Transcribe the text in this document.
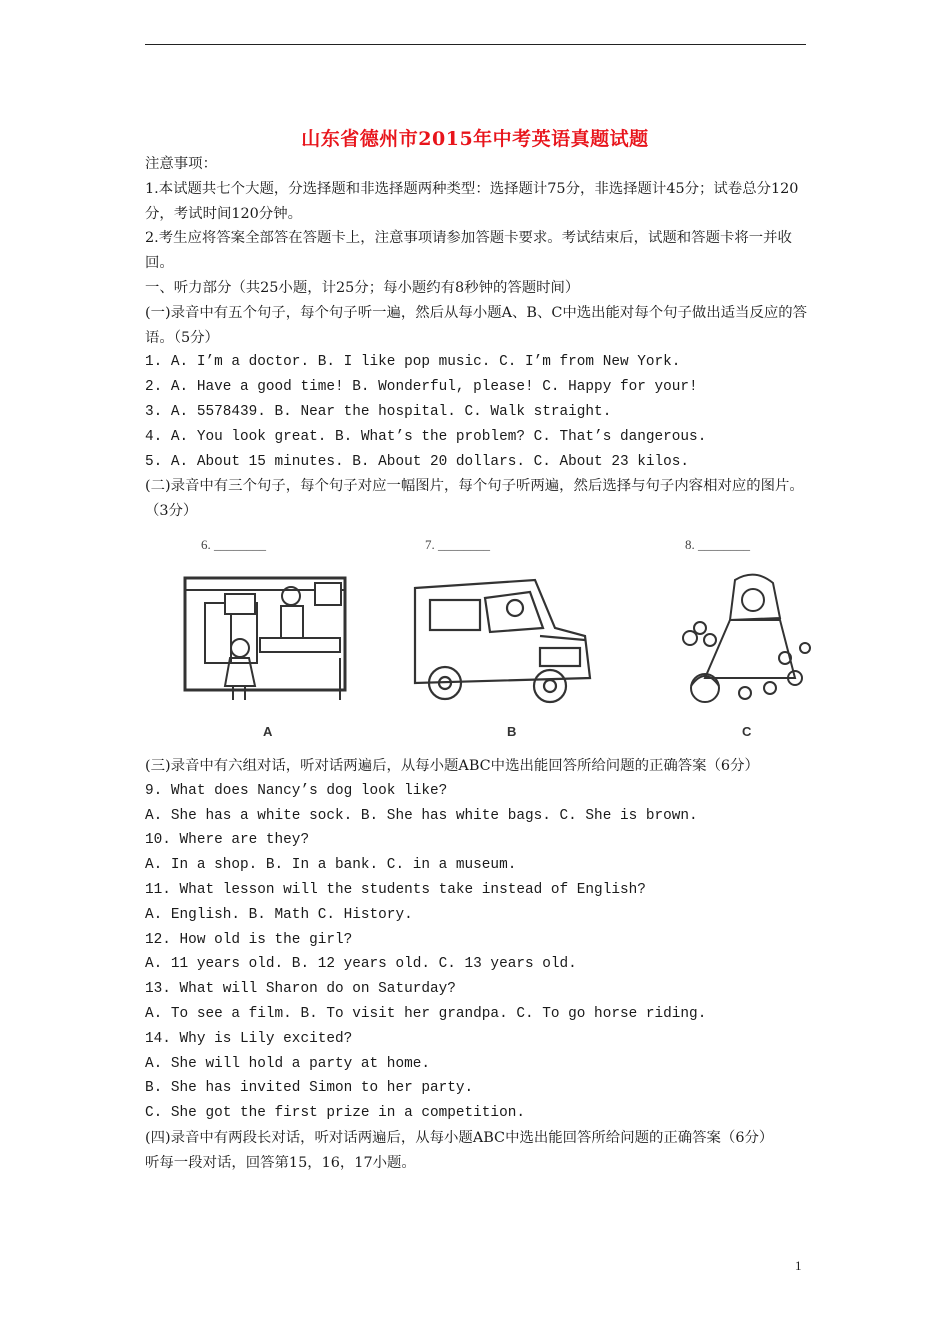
山东省德州市2015年中考英语真题试题

注意事项：

1.本试题共七个大题，分选择题和非选择题两种类型：选择题计75分，非选择题计45分；试卷总分120分，考试时间120分钟。

2.考生应将答案全部答在答题卡上，注意事项请参加答题卡要求。考试结束后，试题和答题卡将一并收回。

一、听力部分（共25小题，计25分；每小题约有8秒钟的答题时间）

(一)录音中有五个句子，每个句子听一遍，然后从每小题A、B、C中选出能对每个句子做出适当反应的答语。（5分）

1. A. I’m a doctor. B. I like pop music. C. I’m from New York.

2. A. Have a good time! B. Wonderful, please! C. Happy for your!

3. A. 5578439. B. Near the hospital. C. Walk straight.

4. A. You look great. B. What’s the problem? C. That’s dangerous.

5. A. About 15 minutes. B. About 20 dollars. C. About 23 kilos.

(二)录音中有三个句子，每个句子对应一幅图片，每个句子听两遍，然后选择与句子内容相对应的图片。（3分）

6. ________	7. ________	8. ________
A	B	C

(三)录音中有六组对话，听对话两遍后，从每小题ABC中选出能回答所给问题的正确答案（6分）

9. What does Nancy’s dog look like?

A. She has a white sock. B. She has white bags. C. She is brown.

10. Where are they?

A. In a shop. B. In a bank. C. in a museum.

11. What lesson will the students take instead of English?

A. English. B. Math C. History.

12. How old is the girl?

A. 11 years old. B. 12 years old. C. 13 years old.

13. What will Sharon do on Saturday?

A. To see a film. B. To visit her grandpa. C. To go horse riding.

14. Why is Lily excited?

A. She will hold a party at home.

B. She has invited Simon to her party.

C. She got the first prize in a competition.

(四)录音中有两段长对话，听对话两遍后，从每小题ABC中选出能回答所给问题的正确答案（6分）

听每一段对话，回答第15，16，17小题。

1
